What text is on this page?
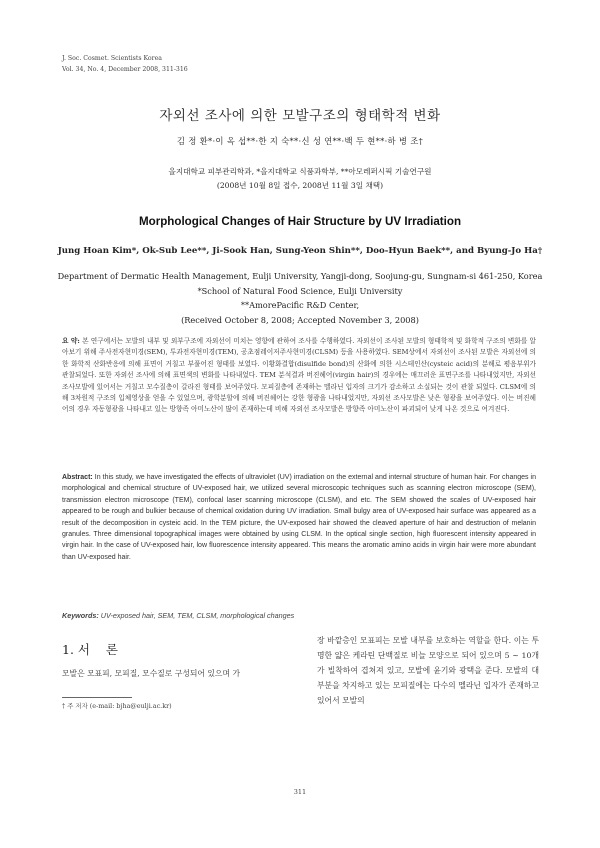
J. Soc. Cosmet. Scientists Korea
Vol. 34, No. 4, December 2008, 311-316
자외선 조사에 의한 모발구조의 형태학적 변화
김 정 환*·이 옥 섭**·한 지 숙**·신 성 연**·백 두 현**·하 병 조†
을지대학교 피부관리학과, *을지대학교 식품과학부, **아모레퍼시픽 기술연구원
(2008년 10월 8일 접수, 2008년 11월 3일 채택)
Morphological Changes of Hair Structure by UV Irradiation
Jung Hoan Kim*, Ok-Sub Lee**, Ji-Sook Han, Sung-Yeon Shin**, Doo-Hyun Baek**, and Byung-Jo Ha†
Department of Dermatic Health Management, Eulji University, Yangji-dong, Soojung-gu, Sungnam-si 461-250, Korea
*School of Natural Food Science, Eulji University
**AmorePacific R&D Center,
(Received October 8, 2008; Accepted November 3, 2008)
요 약: 본 연구에서는 모발의 내부 및 외부구조에 자외선이 미치는 영향에 관하여 조사를 수행하였다. 자외선이 조사된 모발의 형태학적 및 화학적 구조의 변화를 알아보기 위해 주사전자현미경(SEM), 투과전자현미경(TEM), 공초점레이저주사현미경(CLSM) 등을 사용하였다. SEM상에서 자외선이 조사된 모발은 자외선에 의한 화학적 산화반응에 의해 표면이 거칠고 부풀어진 형태를 보였다. 이황화결합(disulfide bond)의 산화에 의한 시스테인산(cysteic acid)의 분해로 평음부위가 관찰되었다. 또한 자외선 조사에 의해 표면색의 변화를 나타내었다. TEM 분석결과 버진헤어(virgin hair)의 경우에는 매끄러운 표면구조를 나타내었지만, 자외선 조사모발에 있어서는 거칠고 모수질층이 갈라진 형태를 보여주었다. 모피질층에 존재하는 멜라닌 입자의 크기가 감소하고 소실되는 것이 관찰 되었다. CLSM에 의해 3차원적 구조의 입체영상을 얻을 수 있었으며, 광학분할에 의해 버진헤어는 강한 형광을 나타내었지만, 자외선 조사모발은 낮은 형광을 보여주었다. 이는 버진헤어의 경우 자동형광을 나타내고 있는 방향족 아미노산이 많이 존재하는데 비해 자외선 조사모발은 방향족 아미노산이 파괴되어 낮게 나온 것으로 여겨진다.
Abstract: In this study, we have investigated the effects of ultraviolet (UV) irradiation on the external and internal structure of human hair. For changes in morphological and chemical structure of UV-exposed hair, we utilized several microscopic techniques such as scanning electron microscope (SEM), transmission electron microscope (TEM), confocal laser scanning microscope (CLSM), and etc. The SEM showed the scales of UV-exposed hair appeared to be rough and bulkier because of chemical oxidation during UV irradiation. Small bulgy area of UV-exposed hair surface was appeared as a result of the decomposition in cysteic acid. In the TEM picture, the UV-exposed hair showed the cleaved aperture of hair and destruction of melanin granules. Three dimensional topographical images were obtained by using CLSM. In the optical single section, high fluorescent intensity appeared in virgin hair. In the case of UV-exposed hair, low fluorescence intensity appeared. This means the aromatic amino acids in virgin hair were more abundant than UV-exposed hair.
Keywords: UV-exposed hair, SEM, TEM, CLSM, morphological changes
1. 서    론
모발은 모표피, 모피질, 모수질로 구성되어 있으며 가
† 주 저자 (e-mail: bjha@eulji.ac.kr)
장 바깥층인 모표피는 모발 내부를 보호하는 역할을 한다. 이는 투명한 얇은 케라틴 단백질로 비늘 모양으로 되어 있으며 5 ~ 10개가 빌착하여 겹쳐져 있고, 모발에 윤기와 광택을 준다. 모발의 대부분을 차지하고 있는 모피질에는 다수의 멜라닌 입자가 존재하고 있어서 모발의
311
